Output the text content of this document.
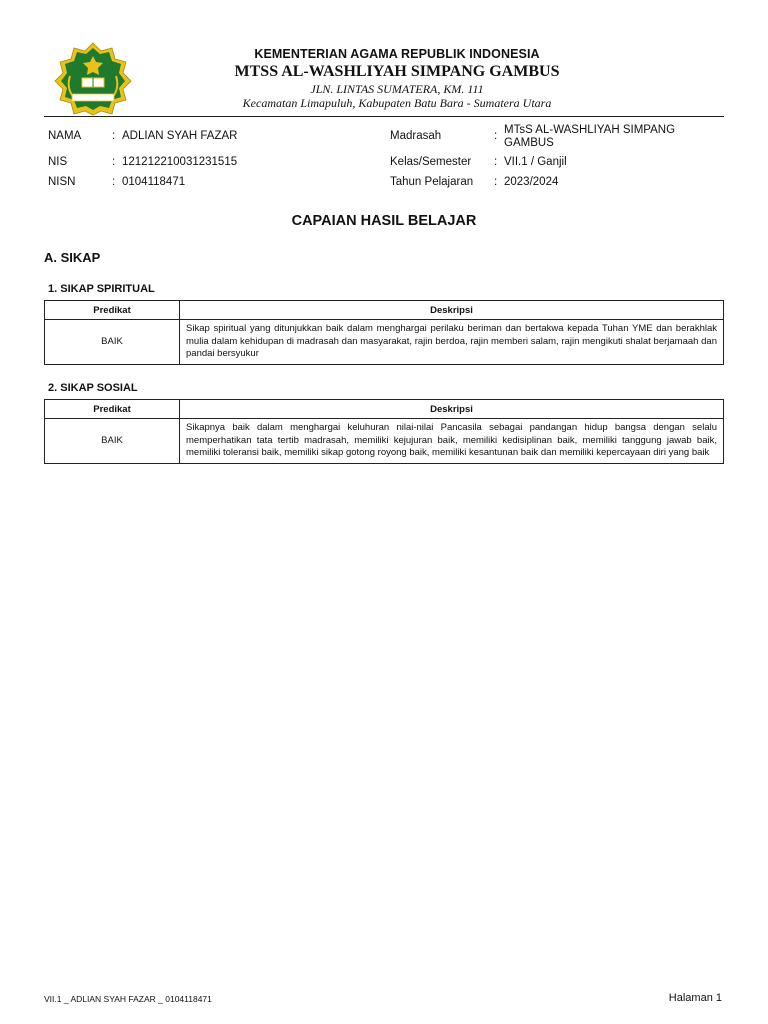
KEMENTERIAN AGAMA REPUBLIK INDONESIA
MTSS AL-WASHLIYAH SIMPANG GAMBUS
JLN. LINTAS SUMATERA, KM. 111
Kecamatan Limapuluh, Kabupaten Batu Bara - Sumatera Utara
NAMA	: ADLIAN SYAH FAZAR
NIS	: 121212210031231515
NISN	: 0104118471
Madrasah	: MTsS AL-WASHLIYAH SIMPANG GAMBUS
Kelas/Semester : VII.1 / Ganjil
Tahun Pelajaran : 2023/2024
CAPAIAN HASIL BELAJAR
A. SIKAP
1. SIKAP SPIRITUAL
Predikat	Deskripsi
BAIK	Sikap spiritual yang ditunjukkan baik dalam menghargai perilaku beriman dan bertakwa kepada Tuhan YME dan berakhlak mulia dalam kehidupan di madrasah dan masyarakat, rajin berdoa, rajin memberi salam, rajin mengikuti shalat berjamaah dan pandai bersyukur
2. SIKAP SOSIAL
Predikat	Deskripsi
BAIK	Sikapnya baik dalam menghargai keluhuran nilai-nilai Pancasila sebagai pandangan hidup bangsa dengan selalu memperhatikan tata tertib madrasah, memiliki kejujuran baik, memiliki kedisiplinan baik, memiliki tanggung jawab baik, memiliki toleransi baik, memiliki sikap gotong royong baik, memiliki kesantunan baik dan memiliki kepercayaan diri yang baik
VII.1 _ ADLIAN SYAH FAZAR _ 0104118471	Halaman 1
